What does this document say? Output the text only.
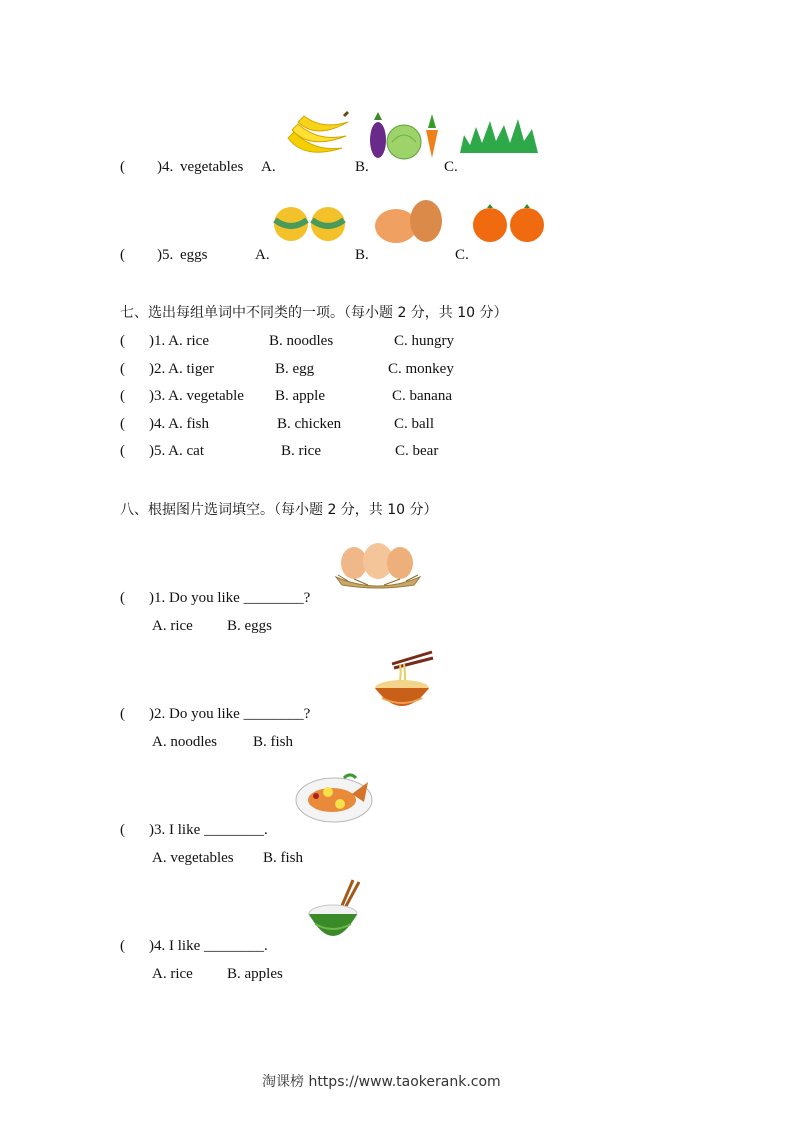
( )4. vegetables A.	B.	C.
( )5. eggs	A.	B.	C.
七、选出每组单词中不同类的一项。（每小题 2 分，共 10 分）
( )1. A. rice	B. noodles	C. hungry
( )2. A. tiger	B. egg	C. monkey
( )3. A. vegetable B. apple	C. banana
( )4. A. fish	B. chicken	C. ball
( )5. A. cat	B. rice	C. bear
八、根据图片选词填空。（每小题 2 分，共 10 分）
( )1. Do you like ________?
A. rice B. eggs
( )2. Do you like ________?
A. noodles B. fish
( )3. I like ________.
A. vegetables B. fish
( )4. I like ________.
A. rice B. apples
淘课榜 https://www.taokerank.com
